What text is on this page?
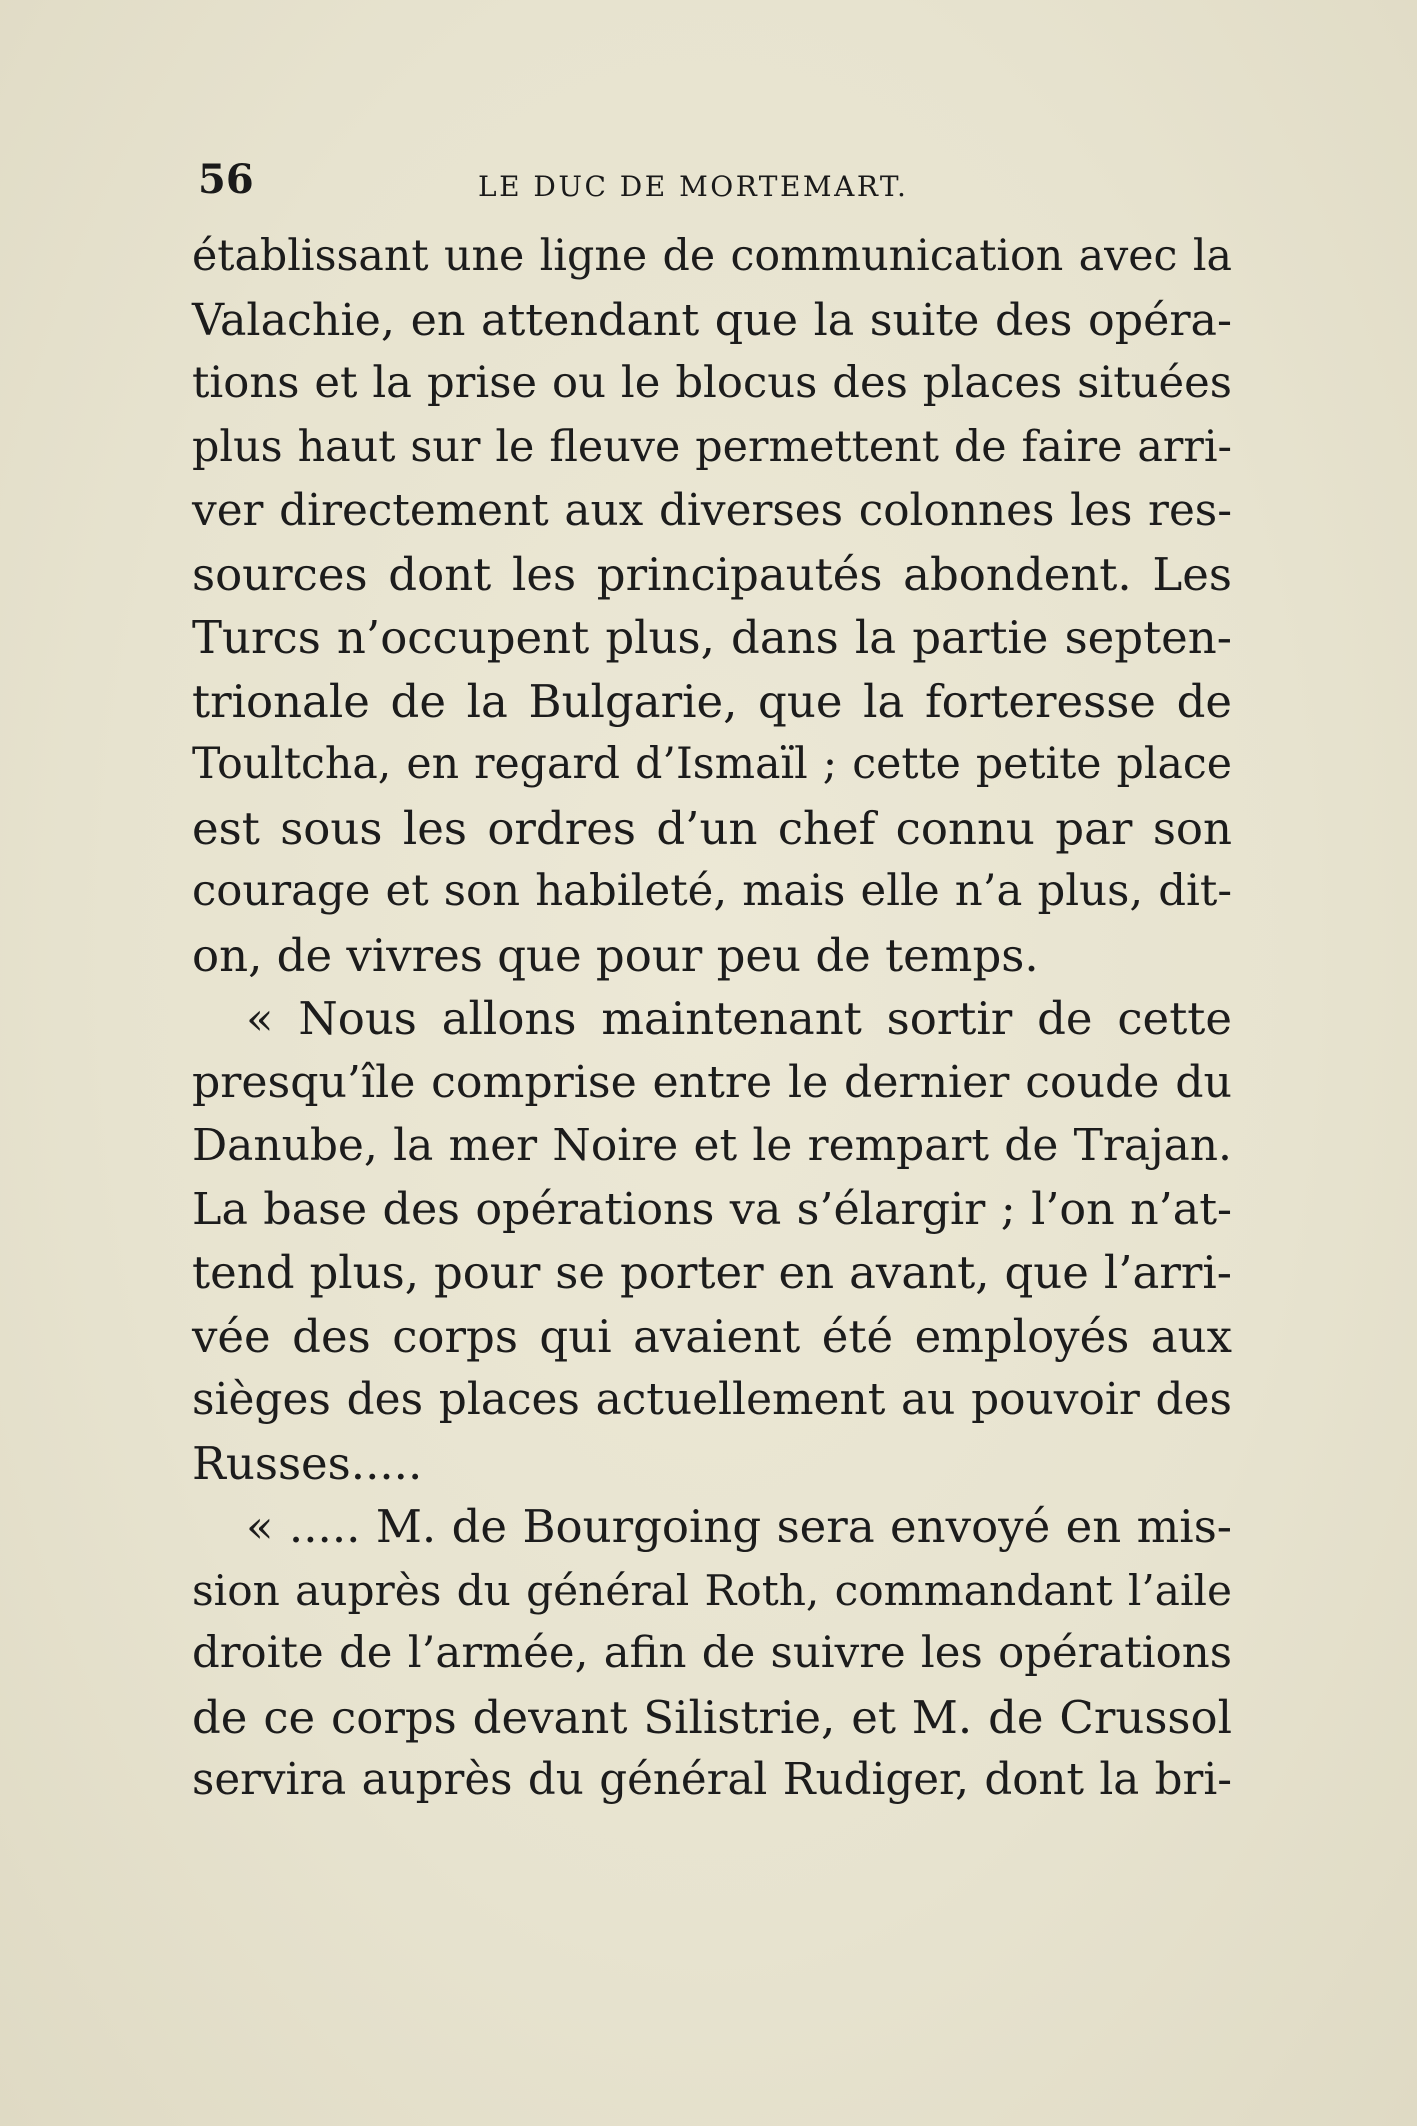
56	LE DUC DE MORTEMART.
établissant une ligne de communication avec la
Valachie, en attendant que la suite des opéra-
tions et la prise ou le blocus des places situées
plus haut sur le fleuve permettent de faire arri-
ver directement aux diverses colonnes les res-
sources dont les principautés abondent. Les
Turcs n’occupent plus, dans la partie septen-
trionale de la Bulgarie, que la forteresse de
Toultcha, en regard d’Ismaïl ; cette petite place
est sous les ordres d’un chef connu par son
courage et son habileté, mais elle n’a plus, dit-
on, de vivres que pour peu de temps.
« Nous allons maintenant sortir de cette
presqu’île comprise entre le dernier coude du
Danube, la mer Noire et le rempart de Trajan.
La base des opérations va s’élargir ; l’on n’at-
tend plus, pour se porter en avant, que l’arri-
vée des corps qui avaient été employés aux
sièges des places actuellement au pouvoir des
Russes.....
« ..... M. de Bourgoing sera envoyé en mis-
sion auprès du général Roth, commandant l’aile
droite de l’armée, afin de suivre les opérations
de ce corps devant Silistrie, et M. de Crussol
servira auprès du général Rudiger, dont la bri-
